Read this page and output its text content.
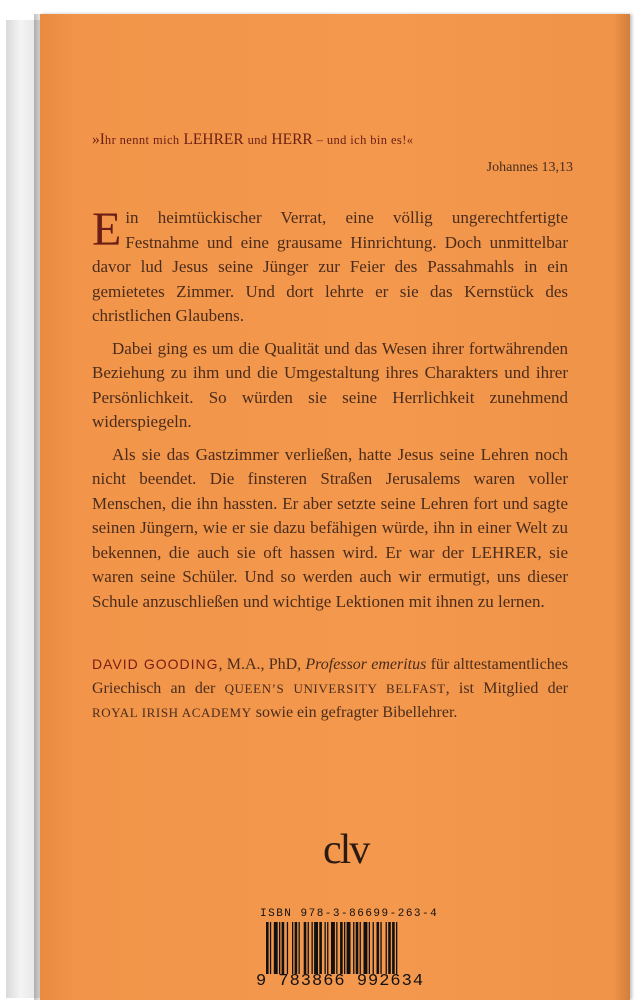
»Ihr nennt mich LEHRER und HERR – und ich bin es!«
Johannes 13,13

Ein heimtückischer Verrat, eine völlig ungerechtfertigte Festnahme und eine grausame Hinrichtung. Doch unmittelbar davor lud Jesus seine Jünger zur Feier des Passahmahls in ein gemietetes Zimmer. Und dort lehrte er sie das Kernstück des christlichen Glaubens.

Dabei ging es um die Qualität und das Wesen ihrer fortwährenden Beziehung zu ihm und die Umgestaltung ihres Charakters und ihrer Persönlichkeit. So würden sie seine Herrlichkeit zunehmend widerspiegeln.

Als sie das Gastzimmer verließen, hatte Jesus seine Lehren noch nicht beendet. Die finsteren Straßen Jerusalems waren voller Menschen, die ihn hassten. Er aber setzte seine Lehren fort und sagte seinen Jüngern, wie er sie dazu befähigen würde, ihn in einer Welt zu bekennen, die auch sie oft hassen wird. Er war der LEHRER, sie waren seine Schüler. Und so werden auch wir ermutigt, uns dieser Schule anzuschließen und wichtige Lektionen mit ihnen zu lernen.

DAVID GOODING, M.A., PhD, Professor emeritus für alttestamentliches Griechisch an der QUEEN’S UNIVERSITY BELFAST, ist Mitglied der ROYAL IRISH ACADEMY sowie ein gefragter Bibellehrer.
clv
ISBN 978-3-86699-263-4
9 783866 992634
